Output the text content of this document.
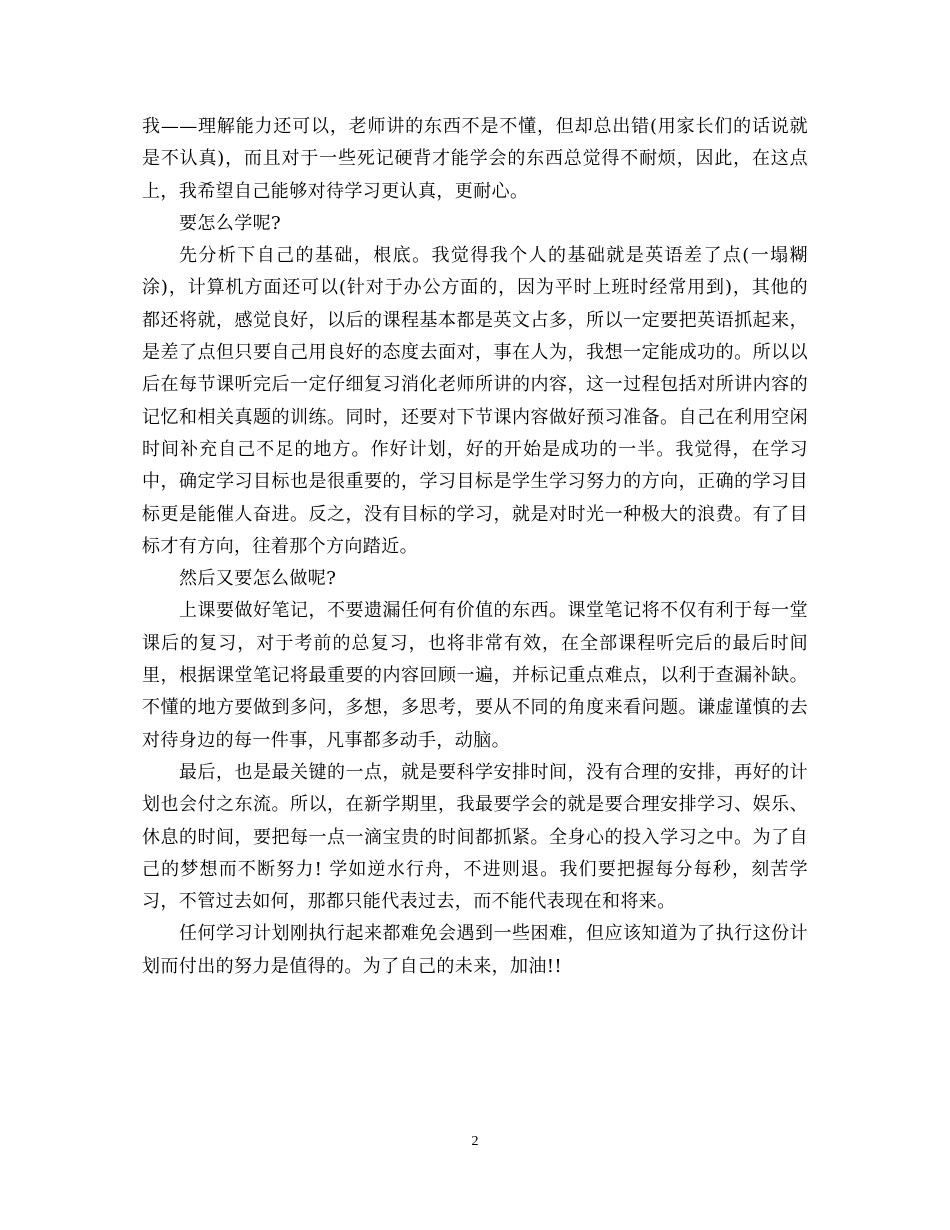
我——理解能力还可以，老师讲的东西不是不懂，但却总出错(用家长们的话说就是不认真)，而且对于一些死记硬背才能学会的东西总觉得不耐烦，因此，在这点上，我希望自己能够对待学习更认真，更耐心。

要怎么学呢?

先分析下自己的基础，根底。我觉得我个人的基础就是英语差了点(一塌糊涂)，计算机方面还可以(针对于办公方面的，因为平时上班时经常用到)，其他的都还将就，感觉良好，以后的课程基本都是英文占多，所以一定要把英语抓起来，是差了点但只要自己用良好的态度去面对，事在人为，我想一定能成功的。所以以后在每节课听完后一定仔细复习消化老师所讲的内容，这一过程包括对所讲内容的记忆和相关真题的训练。同时，还要对下节课内容做好预习准备。自己在利用空闲时间补充自己不足的地方。作好计划，好的开始是成功的一半。我觉得，在学习中，确定学习目标也是很重要的，学习目标是学生学习努力的方向，正确的学习目标更是能催人奋进。反之，没有目标的学习，就是对时光一种极大的浪费。有了目标才有方向，往着那个方向踏近。

然后又要怎么做呢?

上课要做好笔记，不要遗漏任何有价值的东西。课堂笔记将不仅有利于每一堂课后的复习，对于考前的总复习，也将非常有效，在全部课程听完后的最后时间里，根据课堂笔记将最重要的内容回顾一遍，并标记重点难点，以利于查漏补缺。不懂的地方要做到多问，多想，多思考，要从不同的角度来看问题。谦虚谨慎的去对待身边的每一件事，凡事都多动手，动脑。

最后，也是最关键的一点，就是要科学安排时间，没有合理的安排，再好的计划也会付之东流。所以，在新学期里，我最要学会的就是要合理安排学习、娱乐、休息的时间，要把每一点一滴宝贵的时间都抓紧。全身心的投入学习之中。为了自己的梦想而不断努力! 学如逆水行舟，不进则退。我们要把握每分每秒，刻苦学习，不管过去如何，那都只能代表过去，而不能代表现在和将来。

任何学习计划刚执行起来都难免会遇到一些困难，但应该知道为了执行这份计划而付出的努力是值得的。为了自己的未来，加油!!

2
